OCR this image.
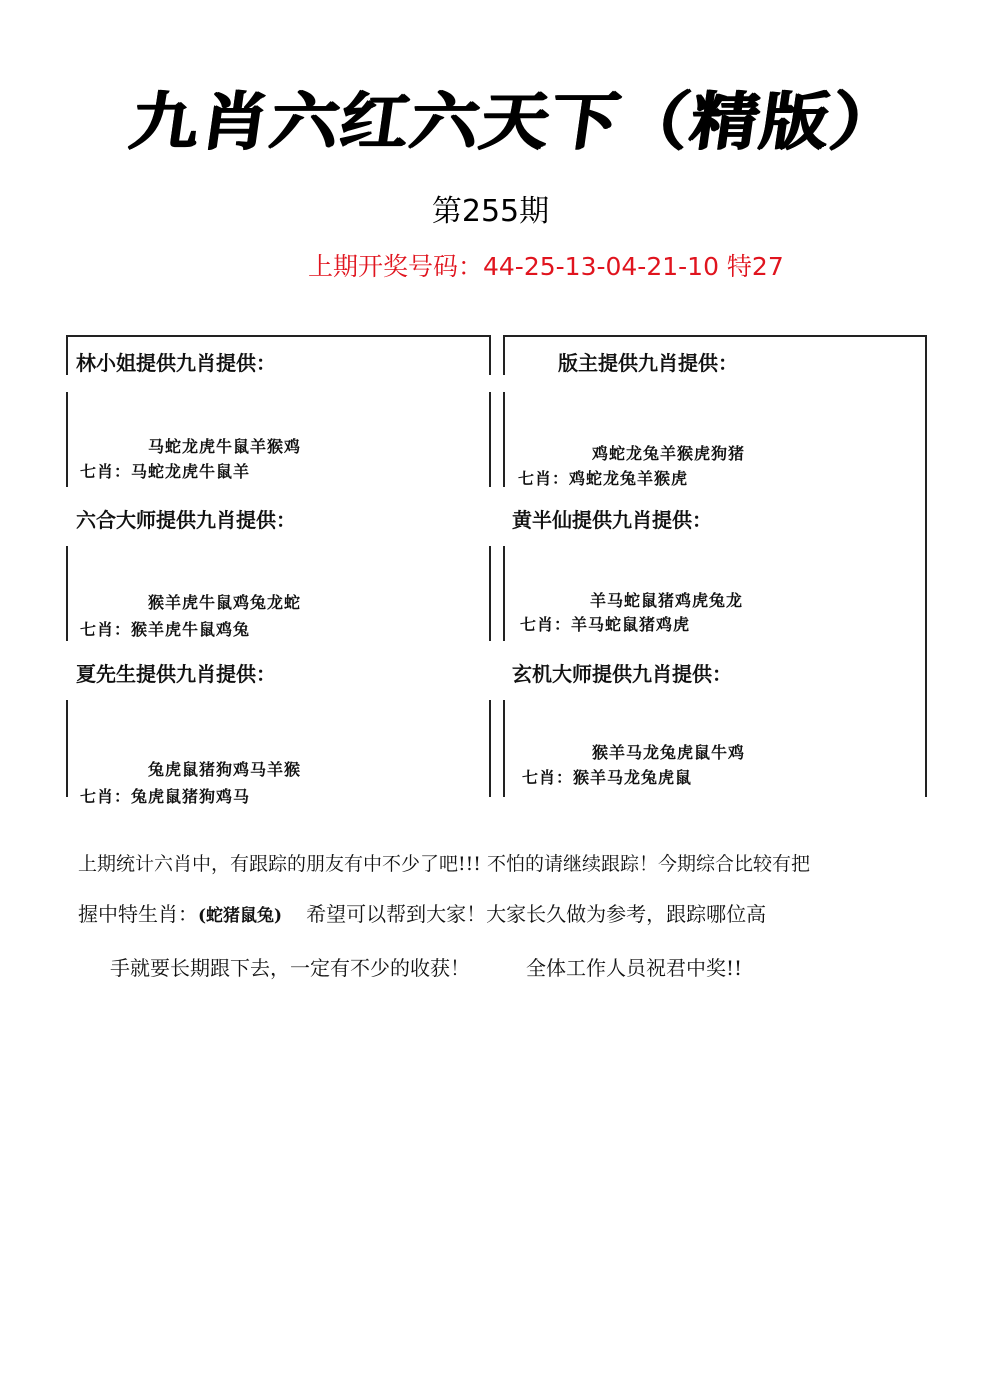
九肖六红六天下（精版）
第255期
上期开奖号码：44-25-13-04-21-10 特27
林小姐提供九肖提供：
马蛇龙虎牛鼠羊猴鸡
七肖：马蛇龙虎牛鼠羊
版主提供九肖提供：
鸡蛇龙兔羊猴虎狗猪
七肖：鸡蛇龙兔羊猴虎
六合大师提供九肖提供：
猴羊虎牛鼠鸡兔龙蛇
七肖：猴羊虎牛鼠鸡兔
黄半仙提供九肖提供：
羊马蛇鼠猪鸡虎兔龙
七肖：羊马蛇鼠猪鸡虎
夏先生提供九肖提供：
兔虎鼠猪狗鸡马羊猴
七肖：兔虎鼠猪狗鸡马
玄机大师提供九肖提供：
猴羊马龙兔虎鼠牛鸡
七肖：猴羊马龙兔虎鼠
上期统计六肖中，有跟踪的朋友有中不少了吧!!! 不怕的请继续跟踪！今期综合比较有把
握中特生肖：(蛇猪鼠兔) 希望可以帮到大家！大家长久做为参考，跟踪哪位高
手就要长期跟下去，一定有不少的收获！	全体工作人员祝君中奖!!
